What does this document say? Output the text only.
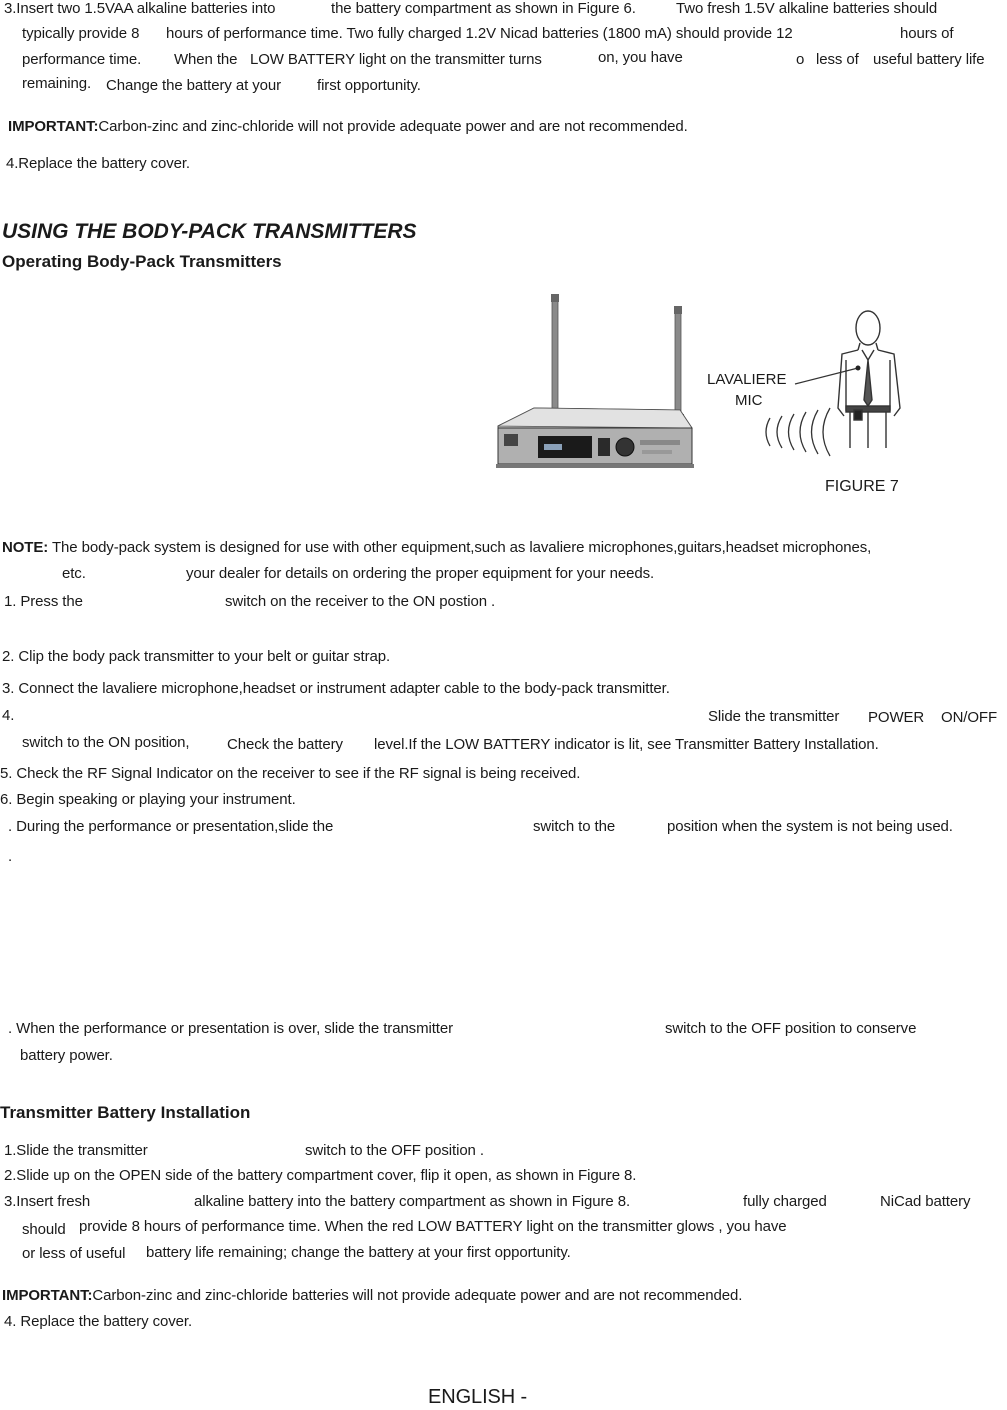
3.Insert two 1.5VAA alkaline batteries into	the battery compartment as shown in Figure 6.	Two fresh 1.5V alkaline batteries should
typically provide 8 hours of performance time. Two fully charged 1.2V Nicad batteries (1800 mA) should provide 12	hours of
performance time. When the LOW BATTERY light on the transmitter turns	on, you have	o less of useful battery life
remaining. Change the battery at your first opportunity.
IMPORTANT:Carbon-zinc and zinc-chloride will not provide adequate power and are not recommended.
4.Replace the battery cover.
USING THE BODY-PACK TRANSMITTERS
Operating Body-Pack Transmitters
LAVALIERE
MIC
FIGURE 7
NOTE: The body-pack system is designed for use with other equipment,such as lavaliere microphones,guitars,headset microphones,
etc.	your dealer for details on ordering the proper equipment for your needs.
1. Press the	switch on the receiver to the ON postion .
2. Clip the body pack transmitter to your belt or guitar strap.
3. Connect the lavaliere microphone,headset or instrument adapter cable to the body-pack transmitter.
4.	Slide the transmitter POWER ON/OFF
switch to the ON position,	Check the battery level.If the LOW BATTERY indicator is lit, see Transmitter Battery Installation.
5. Check the RF Signal Indicator on the receiver to see if the RF signal is being received.
6. Begin speaking or playing your instrument.
. During the performance or presentation,slide the	switch to the	position when the system is not being used.
.
. When the performance or presentation is over, slide the transmitter	switch to the OFF position to conserve
battery power.
Transmitter Battery Installation
1.Slide the transmitter	switch to the OFF position .
2.Slide up on the OPEN side of the battery compartment cover, flip it open, as shown in Figure 8.
3.Insert fresh	alkaline battery into the battery compartment as shown in Figure 8.	fully charged	NiCad battery
should provide 8 hours of performance time. When the red LOW BATTERY light on the transmitter glows , you have
or less of useful battery life remaining; change the battery at your first opportunity.
IMPORTANT:Carbon-zinc and zinc-chloride batteries will not provide adequate power and are not recommended.
4. Replace the battery cover.
ENGLISH -
